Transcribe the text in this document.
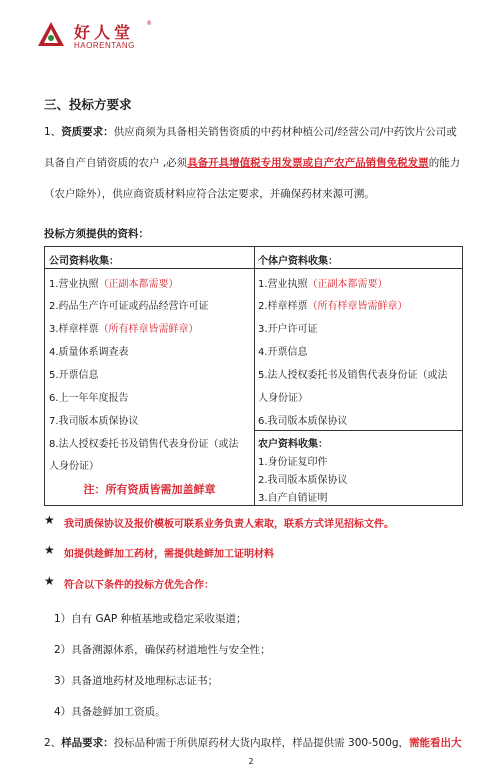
好人堂 ®
HAORENTANG
三、投标方要求
1、资质要求：供应商须为具备相关销售资质的中药材种植公司/经营公司/中药饮片公司或
具备自产自销资质的农户 ,必须具备开具增值税专用发票或自产农产品销售免税发票的能力
（农户除外），供应商资质材料应符合法定要求，并确保药材来源可溯。
投标方须提供的资料：
公司资料收集：
1.营业执照（正副本都需要）
2.药品生产许可证或药品经营许可证
3.样章样票（所有样章皆需鲜章）
4.质量体系调查表
5.开票信息
6.上一年年度报告
7.我司版本质保协议
8.法人授权委托书及销售代表身份证（或法
人身份证）
注：所有资质皆需加盖鲜章
个体户资料收集：
1.营业执照（正副本都需要）
2.样章样票（所有样章皆需鲜章）
3.开户许可证
4.开票信息
5.法人授权委托书及销售代表身份证（或法
人身份证）
6.我司版本质保协议
农户资料收集：
1.身份证复印件
2.我司版本质保协议
3.自产自销证明
★ 我司质保协议及报价模板可联系业务负责人索取，联系方式详见招标文件。
★ 如提供趁鲜加工药材，需提供趁鲜加工证明材料
★ 符合以下条件的投标方优先合作：
1）自有 GAP 种植基地或稳定采收渠道；
2）具备溯源体系，确保药材道地性与安全性；
3）具备道地药材及地理标志证书；
4）具备趁鲜加工资质。
2、样品要求：投标品种需于所供原药材大货内取样，样品提供需 300-500g，需能看出大
2
